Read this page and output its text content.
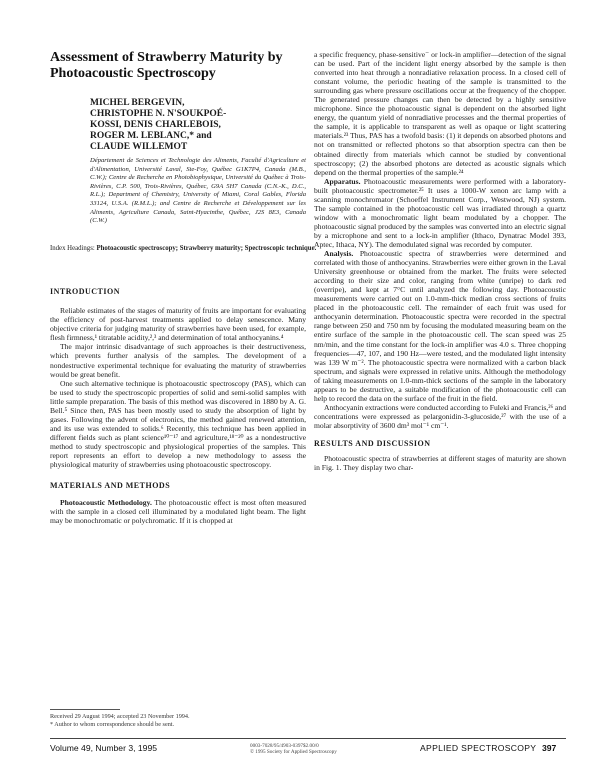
Assessment of Strawberry Maturity by Photoacoustic Spectroscopy
MICHEL BERGEVIN,
CHRISTOPHE N. N'SOUKPOÉ-
KOSSI, DENIS CHARLEBOIS,
ROGER M. LEBLANC,* and
CLAUDE WILLEMOT

Département de Sciences et Technologie des Aliments, Faculté d'Agriculture et d'Alimentation, Université Laval, Ste-Foy, Québec G1K7P4, Canada (M.B., C.W.); Centre de Recherche en Photobiophysique, Université du Québec à Trois-Rivières, C.P. 500, Trois-Rivières, Québec, G9A 5H7 Canada (C.N.-K., D.C., R.L.); Department of Chemistry, University of Miami, Coral Gables, Florida 33124, U.S.A. (R.M.L.); and Centre de Recherche et Développement sur les Aliments, Agriculture Canada, Saint-Hyacinthe, Québec, J2S 8E3, Canada (C.W.)

Index Headings: Photoacoustic spectroscopy; Strawberry maturity; Spectroscopic technique.
INTRODUCTION

Reliable estimates of the stages of maturity of fruits are important for evaluating the efficiency of post-harvest treatments applied to delay senescence. Many objective criteria for judging maturity of strawberries have been used, for example, flesh firmness,¹ titratable acidity,²,³ and determination of total anthocyanins.⁴

The major intrinsic disadvantage of such approaches is their destructiveness, which prevents further analysis of the samples. The development of a nondestructive experimental technique for evaluating the maturity of strawberries would be great benefit.

One such alternative technique is photoacoustic spectroscopy (PAS), which can be used to study the spectroscopic properties of solid and semi-solid samples with little sample preparation. The basis of this method was discovered in 1880 by A. G. Bell.⁵ Since then, PAS has been mostly used to study the absorption of light by gases. Following the advent of electronics, the method gained renewed attention, and its use was extended to solids.⁶ Recently, this technique has been applied in different fields such as plant science¹⁰⁻¹⁷ and agriculture,¹⁸⁻²⁰ as a nondestructive method to study spectroscopic and physiological properties of the samples. This report represents an effort to develop a new methodology to assess the physiological maturity of strawberries using photoacoustic spectroscopy.

MATERIALS AND METHODS

Photoacoustic Methodology. The photoacoustic effect is most often measured with the sample in a closed cell illuminated by a modulated light beam. The light may be monochromatic or polychromatic. If it is chopped at

Received 29 August 1994; accepted 23 November 1994.
* Author to whom correspondence should be sent.

a specific frequency, phase-sensitive⁻ or lock-in amplifier—detection of the signal can be used. Part of the incident light energy absorbed by the sample is then converted into heat through a nonradiative relaxation process. In a closed cell of constant volume, the periodic heating of the sample is transmitted to the surrounding gas where pressure oscillations occur at the frequency of the chopper. The generated pressure changes can then be detected by a highly sensitive microphone. Since the photoacoustic signal is dependent on the absorbed light energy, the quantum yield of nonradiative processes and the thermal properties of the sample, it is applicable to transparent as well as opaque or light scattering materials.²³ Thus, PAS has a twofold basis: (1) it depends on absorbed photons and not on transmitted or reflected photons so that absorption spectra can then be obtained directly from materials which cannot be studied by conventional spectroscopy; (2) the absorbed photons are detected as acoustic signals which depend on the thermal properties of the sample.²⁴

Apparatus. Photoacoustic measurements were performed with a laboratory-built photoacoustic spectrometer.²⁵ It uses a 1000-W xenon arc lamp with a scanning monochromator (Schoeffel Instrument Corp., Westwood, NJ) system. The sample contained in the photoacoustic cell was irradiated through a quartz window with a monochromatic light beam modulated by a chopper. The photoacoustic signal produced by the samples was converted into an electric signal by a microphone and sent to a lock-in amplifier (Ithaco, Dynatrac Model 393, Aptec, Ithaca, NY). The demodulated signal was recorded by computer.

Analysis. Photoacoustic spectra of strawberries were determined and correlated with those of anthocyanins. Strawberries were either grown in the Laval University greenhouse or obtained from the market. The fruits were selected according to their size and color, ranging from white (unripe) to dark red (overripe), and kept at 7°C until analyzed the following day. Photoacoustic measurements were carried out on 1.0-mm-thick median cross sections of fruits placed in the photoacoustic cell. The remainder of each fruit was used for anthocyanin determination. Photoacoustic spectra were recorded in the spectral range between 250 and 750 nm by focusing the modulated measuring beam on the entire surface of the sample in the photoacoustic cell. The scan speed was 25 nm/min, and the time constant for the lock-in amplifier was 4.0 s. Three chopping frequencies—47, 107, and 190 Hz—were tested, and the modulated light intensity was 139 W m⁻². The photoacoustic spectra were normalized with a carbon black spectrum, and signals were expressed in relative units. Although the methodology of taking measurements on 1.0-mm-thick sections of the sample in the laboratory appears to be destructive, a suitable modification of the photoacoustic cell can help to record the data on the surface of the fruit in the field.

Anthocyanin extractions were conducted according to Fuleki and Francis,²⁶ and concentrations were expressed as pelargonidin-3-glucoside,²⁷ with the use of a molar absorptivity of 3600 dm³ mol⁻¹ cm⁻¹.

RESULTS AND DISCUSSION

Photoacoustic spectra of strawberries at different stages of maturity are shown in Fig. 1. They display two char-

Volume 49, Number 3, 1995	0003-7028/95/4903-0397$2.00/0
© 1995 Society for Applied Spectroscopy	APPLIED SPECTROSCOPY 397
